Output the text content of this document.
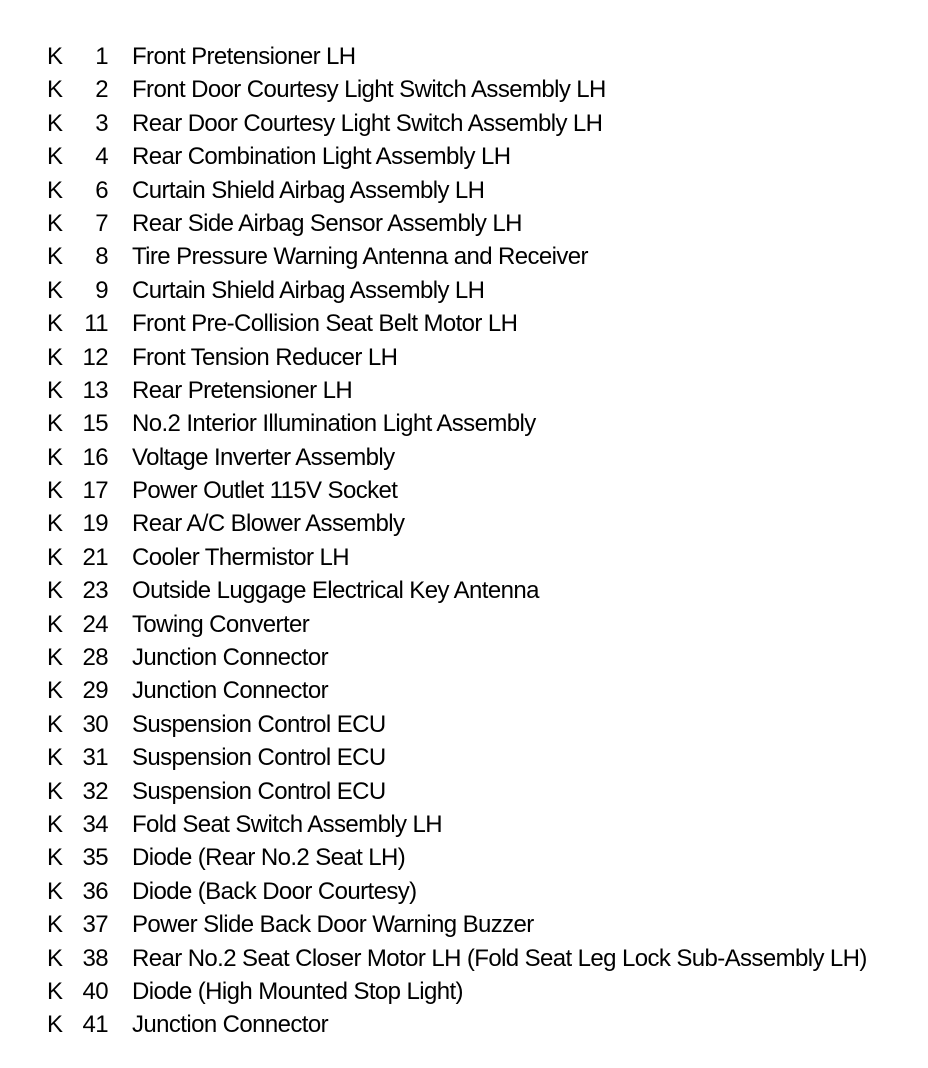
K	1 Front Pretensioner LH
K	2 Front Door Courtesy Light Switch Assembly LH
K	3 Rear Door Courtesy Light Switch Assembly LH
K	4 Rear Combination Light Assembly LH
K	6 Curtain Shield Airbag Assembly LH
K	7 Rear Side Airbag Sensor Assembly LH
K	8 Tire Pressure Warning Antenna and Receiver
K	9 Curtain Shield Airbag Assembly LH
K 11 Front Pre-Collision Seat Belt Motor LH
K 12 Front Tension Reducer LH
K 13 Rear Pretensioner LH
K 15 No.2 Interior Illumination Light Assembly
K 16 Voltage Inverter Assembly
K 17 Power Outlet 115V Socket
K 19 Rear A/C Blower Assembly
K 21 Cooler Thermistor LH
K 23 Outside Luggage Electrical Key Antenna
K 24 Towing Converter
K 28 Junction Connector
K 29 Junction Connector
K 30 Suspension Control ECU
K 31 Suspension Control ECU
K 32 Suspension Control ECU
K 34 Fold Seat Switch Assembly LH
K 35 Diode (Rear No.2 Seat LH)
K 36 Diode (Back Door Courtesy)
K 37 Power Slide Back Door Warning Buzzer
K 38 Rear No.2 Seat Closer Motor LH (Fold Seat Leg Lock Sub-Assembly LH)
K 40 Diode (High Mounted Stop Light)
K 41 Junction Connector
